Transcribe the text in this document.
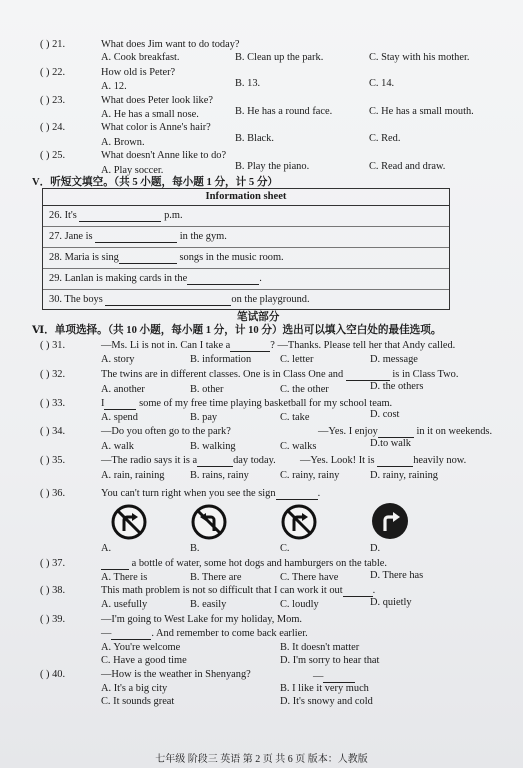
( ) 21.	What does Jim want to do today?
A. Cook breakfast.	B. Clean up the park.	C. Stay with his mother.
( ) 22.	How old is Peter?
A. 12.	B. 13.	C. 14.
( ) 23.	What does Peter look like?
A. He has a small nose.	B. He has a round face.	C. He has a small mouth.
( ) 24.	What color is Anne's hair?
A. Brown.	B. Black.	C. Red.
( ) 25.	What doesn't Anne like to do?
A. Play soccer.	B. Play the piano.	C. Read and draw.
V．听短文填空。（共 5 小题，每小题 1 分，计 5 分）
Information sheet
26. It's	p.m.
27. Jane is	in the gym.
28. Maria is sing	songs in the music room.
29. Lanlan is making cards in the	.
30. The boys	on the playground.
笔试部分
Ⅵ．单项选择。（共 10 小题，每小题 1 分，计 10 分）选出可以填入空白处的最佳选项。
( ) 31.	—Ms. Li is not in. Can I take a	? —Thanks. Please tell her that Andy called.
A. story	B. information	C. letter	D. message
( ) 32.	The twins are in different classes. One is in Class One and	is in Class Two.
A. another	B. other	C. the other	D. the others
( ) 33.	I	some of my free time playing basketball for my school team.
A. spend	B. pay	C. take	D. cost
( ) 34.	—Do you often go to the park?	—Yes. I enjoy	in it on weekends.
A. walk	B. walking	C. walks	D.to walk
( ) 35.	—The radio says it is a	day today. —Yes. Look! It is	heavily now.
A. rain, raining B. rains, rainy	C. rainy, rainy	D. rainy, raining
( ) 36.	You can't turn right when you see the sign	.
A.	B.	C.	D.
( ) 37.	a bottle of water, some hot dogs and hamburgers on the table.
A. There is	B. There are	C. There have	D. There has
( ) 38.	This math problem is not so difficult that I can work it out	.
A. usefully	B. easily	C. loudly	D. quietly
( ) 39.	—I'm going to West Lake for my holiday, Mom.
—	. And remember to come back earlier.
A. You're welcome	B. It doesn't matter
C. Have a good time	D. I'm sorry to hear that
( ) 40.	—How is the weather in Shenyang?	—
A. It's a big city	B. I like it very much
C. It sounds great	D. It's snowy and cold
七年级 阶段三 英语 第 2 页 共 6 页 版本：人教版
